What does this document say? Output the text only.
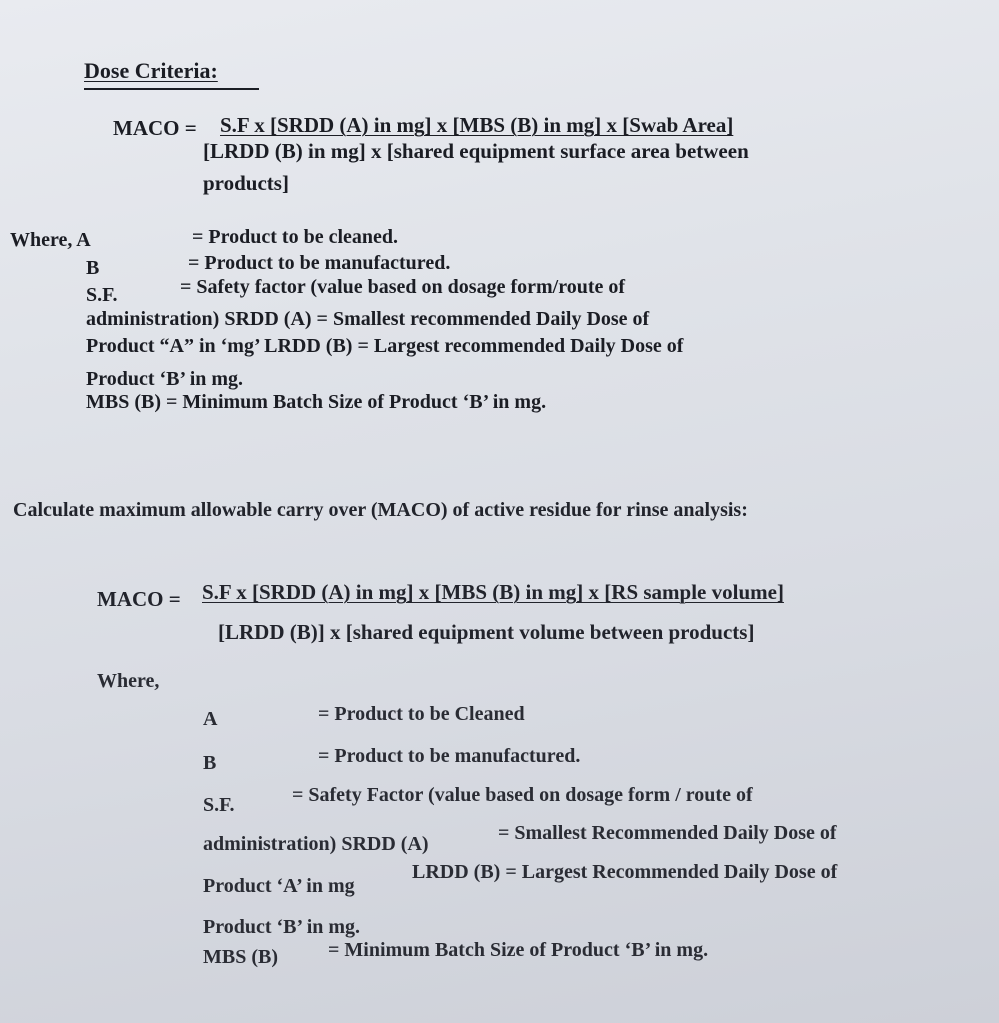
Dose Criteria:
MACO = S.F x [SRDD (A) in mg] x [MBS (B) in mg] x [Swab Area]
[LRDD (B) in mg] x [shared equipment surface area between
products]
Where, A	= Product to be cleaned.
B	= Product to be manufactured.
S.F.	= Safety factor (value based on dosage form/route of
administration) SRDD (A) = Smallest recommended Daily Dose of
Product “A” in ‘mg’ LRDD (B) = Largest recommended Daily Dose of
Product ‘B’ in mg.
MBS (B) = Minimum Batch Size of Product ‘B’ in mg.
Calculate maximum allowable carry over (MACO) of active residue for rinse analysis:
MACO = S.F x [SRDD (A) in mg] x [MBS (B) in mg] x [RS sample volume]
[LRDD (B)] x [shared equipment volume between products]
Where,
A	= Product to be Cleaned
B	= Product to be manufactured.
S.F.	= Safety Factor (value based on dosage form / route of
administration) SRDD (A)	= Smallest Recommended Daily Dose of
Product ‘A’ in mg
LRDD (B) = Largest Recommended Daily Dose of
Product ‘B’ in mg.
MBS (B)	= Minimum Batch Size of Product ‘B’ in mg.
